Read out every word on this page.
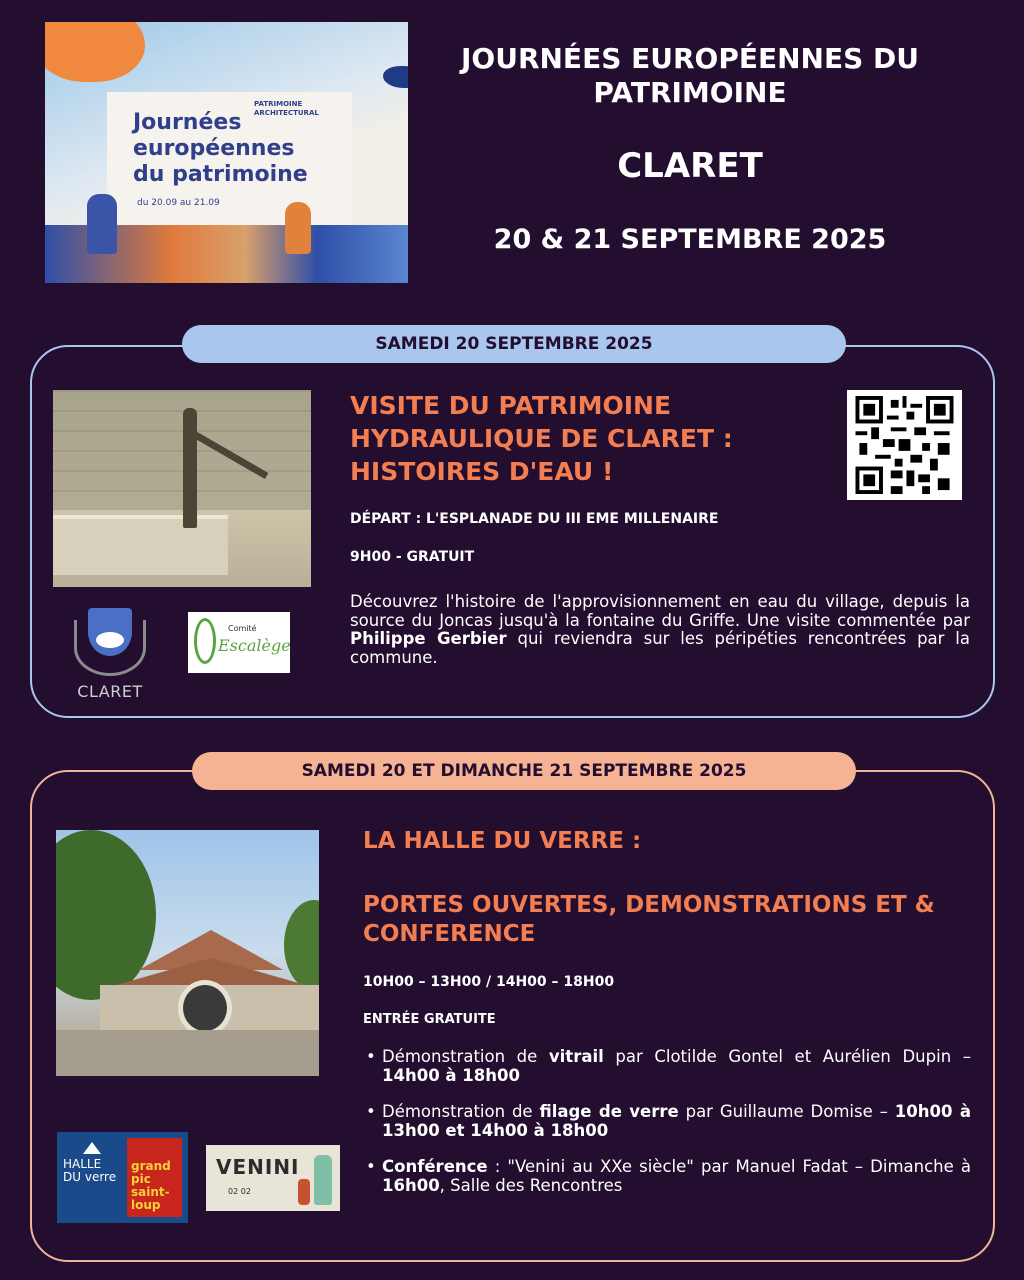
PATRIMOINE ARCHITECTURAL
Journées européennes du patrimoine
du 20.09 au 21.09
JOURNÉES EUROPÉENNES DU PATRIMOINE
CLARET
20 & 21 SEPTEMBRE 2025
SAMEDI 20 SEPTEMBRE 2025
VISITE DU PATRIMOINE HYDRAULIQUE DE CLARET : HISTOIRES D'EAU !
DÉPART : L'ESPLANADE DU III EME MILLENAIRE
9H00 - GRATUIT
Découvrez l'histoire de l'approvisionnement en eau du village, depuis la source du Joncas jusqu'à la fontaine du Griffe. Une visite commentée par Philippe Gerbier qui reviendra sur les péripéties rencontrées par la commune.
CLARET
Comité
Escalège
SAMEDI 20 ET DIMANCHE 21 SEPTEMBRE 2025
LA HALLE DU VERRE :
PORTES OUVERTES, DEMONSTRATIONS ET & CONFERENCE
10H00 – 13H00 / 14H00 – 18H00
ENTRÉE GRATUITE
• Démonstration de vitrail par Clotilde Gontel et Aurélien Dupin – 14h00 à 18h00
• Démonstration de filage de verre par Guillaume Domise – 10h00 à 13h00 et 14h00 à 18h00
• Conférence : "Venini au XXe siècle" par Manuel Fadat – Dimanche à 16h00, Salle des Rencontres
HALLE DU verre
grand pic saint-loup
VENINI
02 02
